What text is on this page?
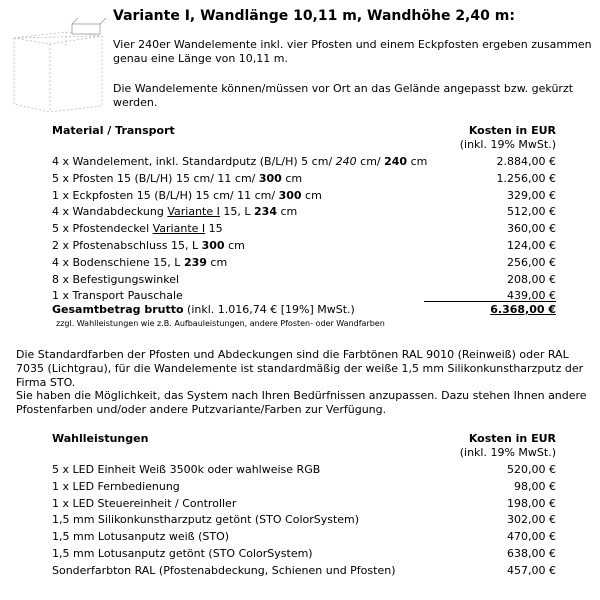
Variante I, Wandlänge 10,11 m, Wandhöhe 2,40 m:
Vier 240er Wandelemente inkl. vier Pfosten und einem Eckpfosten ergeben zusammen genau eine Länge von 10,11 m.
Die Wandelemente können/müssen vor Ort an das Gelände angepasst bzw. gekürzt werden.
Material / Transport	Kosten in EUR
(inkl. 19% MwSt.)
4 x Wandelement, inkl. Standardputz (B/L/H) 5 cm/ 240 cm/ 240 cm	2.884,00 €
5 x Pfosten 15 (B/L/H) 15 cm/ 11 cm/ 300 cm	1.256,00 €
1 x Eckpfosten 15 (B/L/H) 15 cm/ 11 cm/ 300 cm	329,00 €
4 x Wandabdeckung Variante I 15, L 234 cm	512,00 €
5 x Pfostendeckel Variante I 15	360,00 €
2 x Pfostenabschluss 15, L 300 cm	124,00 €
4 x Bodenschiene 15, L 239 cm	256,00 €
8 x Befestigungswinkel	208,00 €
1 x Transport Pauschale	439,00 €
Gesamtbetrag brutto (inkl. 1.016,74 € [19%] MwSt.)	6.368,00 €
zzgl. Wahlleistungen wie z.B. Aufbauleistungen, andere Pfosten- oder Wandfarben
Die Standardfarben der Pfosten und Abdeckungen sind die Farbtönen RAL 9010 (Reinweiß) oder RAL 7035 (Lichtgrau), für die Wandelemente ist standardmäßig der weiße 1,5 mm Silikonkunstharzputz der Firma STO.
Sie haben die Möglichkeit, das System nach Ihren Bedürfnissen anzupassen. Dazu stehen Ihnen andere Pfostenfarben und/oder andere Putzvariante/Farben zur Verfügung.
Wahlleistungen	Kosten in EUR
(inkl. 19% MwSt.)
5 x LED Einheit Weiß 3500k oder wahlweise RGB	520,00 €
1 x LED Fernbedienung	98,00 €
1 x LED Steuereinheit / Controller	198,00 €
1,5 mm Silikonkunstharzputz getönt (STO ColorSystem)	302,00 €
1,5 mm Lotusanputz weiß (STO)	470,00 €
1,5 mm Lotusanputz getönt (STO ColorSystem)	638,00 €
Sonderfarbton RAL (Pfostenabdeckung, Schienen und Pfosten)	457,00 €
